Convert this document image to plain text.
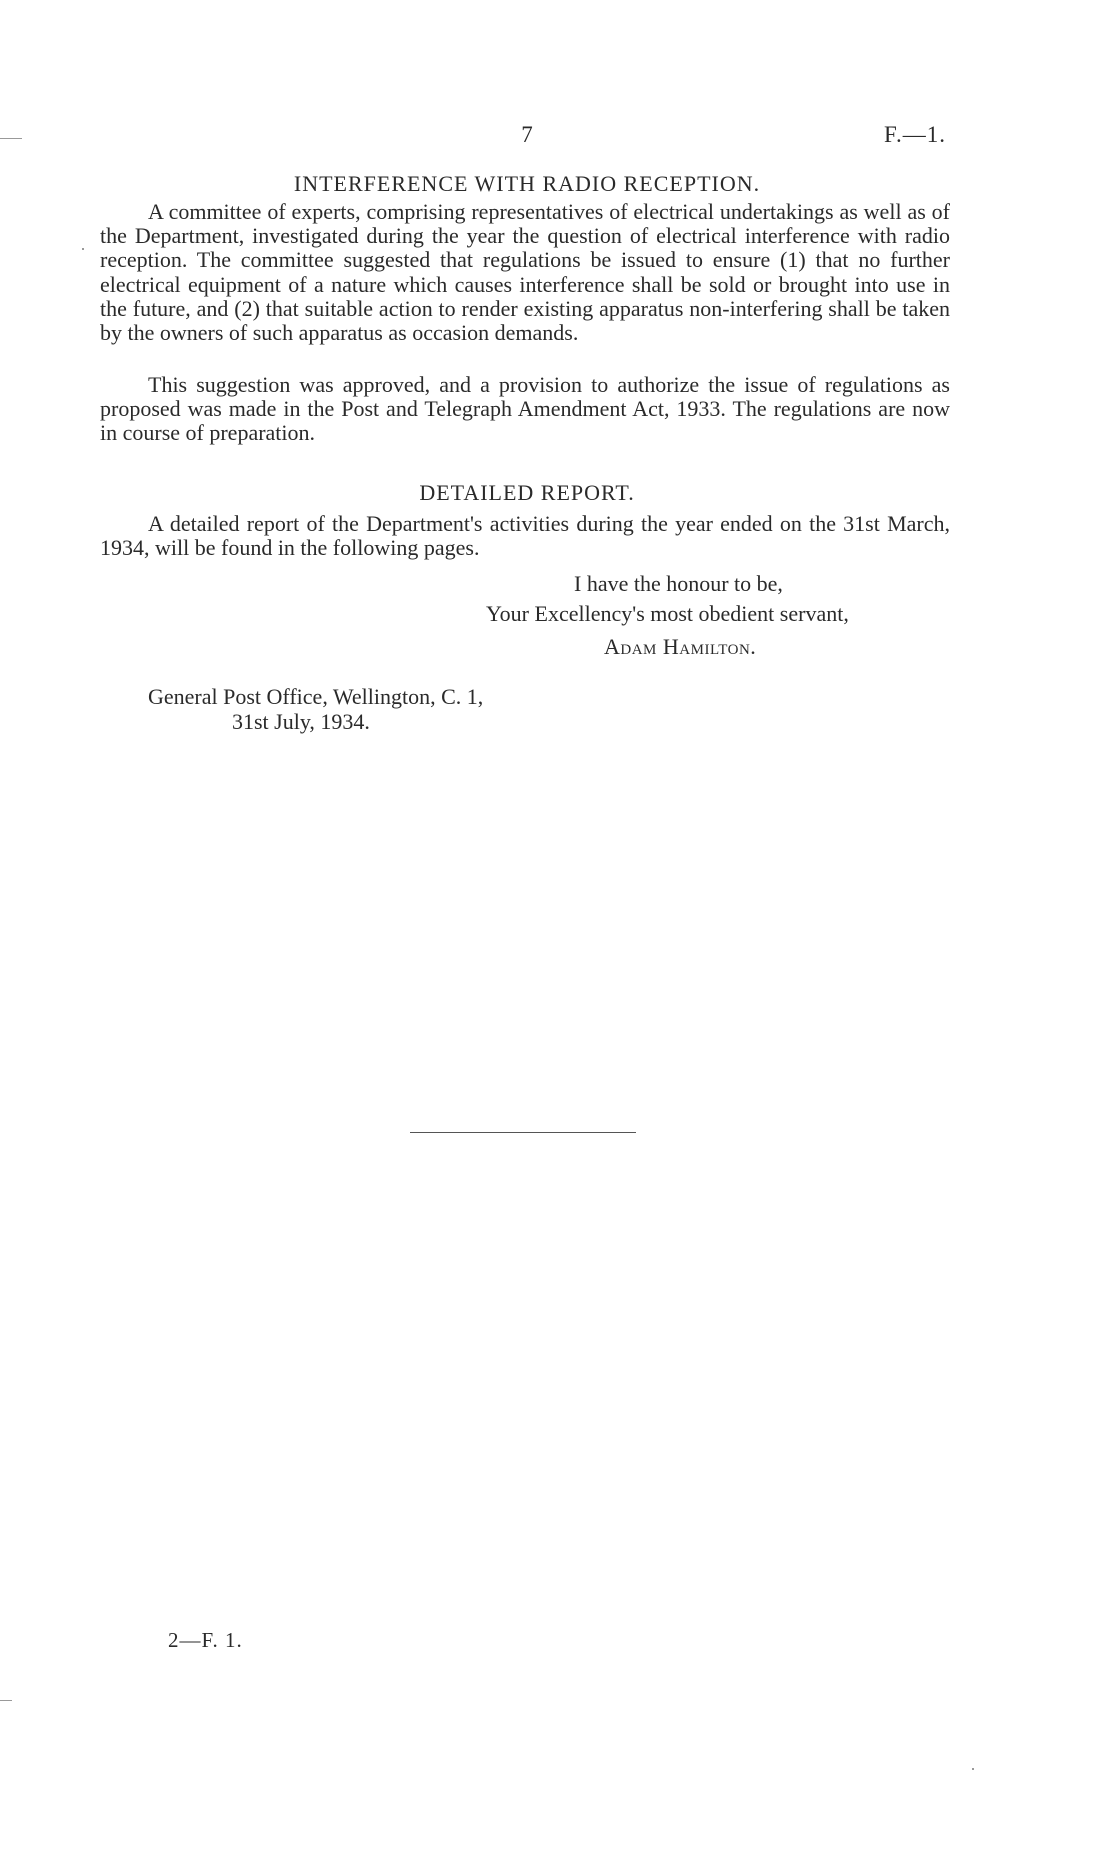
7	F.—1.
INTERFERENCE WITH RADIO RECEPTION.

A committee of experts, comprising representatives of electrical undertakings as well as of the Department, investigated during the year the question of electrical interference with radio reception. The committee suggested that regulations be issued to ensure (1) that no further electrical equipment of a nature which causes interference shall be sold or brought into use in the future, and (2) that suitable action to render existing apparatus non-interfering shall be taken by the owners of such apparatus as occasion demands.

This suggestion was approved, and a provision to authorize the issue of regulations as proposed was made in the Post and Telegraph Amendment Act, 1933. The regulations are now in course of preparation.

DETAILED REPORT.

A detailed report of the Department's activities during the year ended on the 31st March, 1934, will be found in the following pages.

I have the honour to be,
Your Excellency's most obedient servant,
Adam Hamilton.
General Post Office, Wellington, C. 1,
31st July, 1934.
2—F. 1.
